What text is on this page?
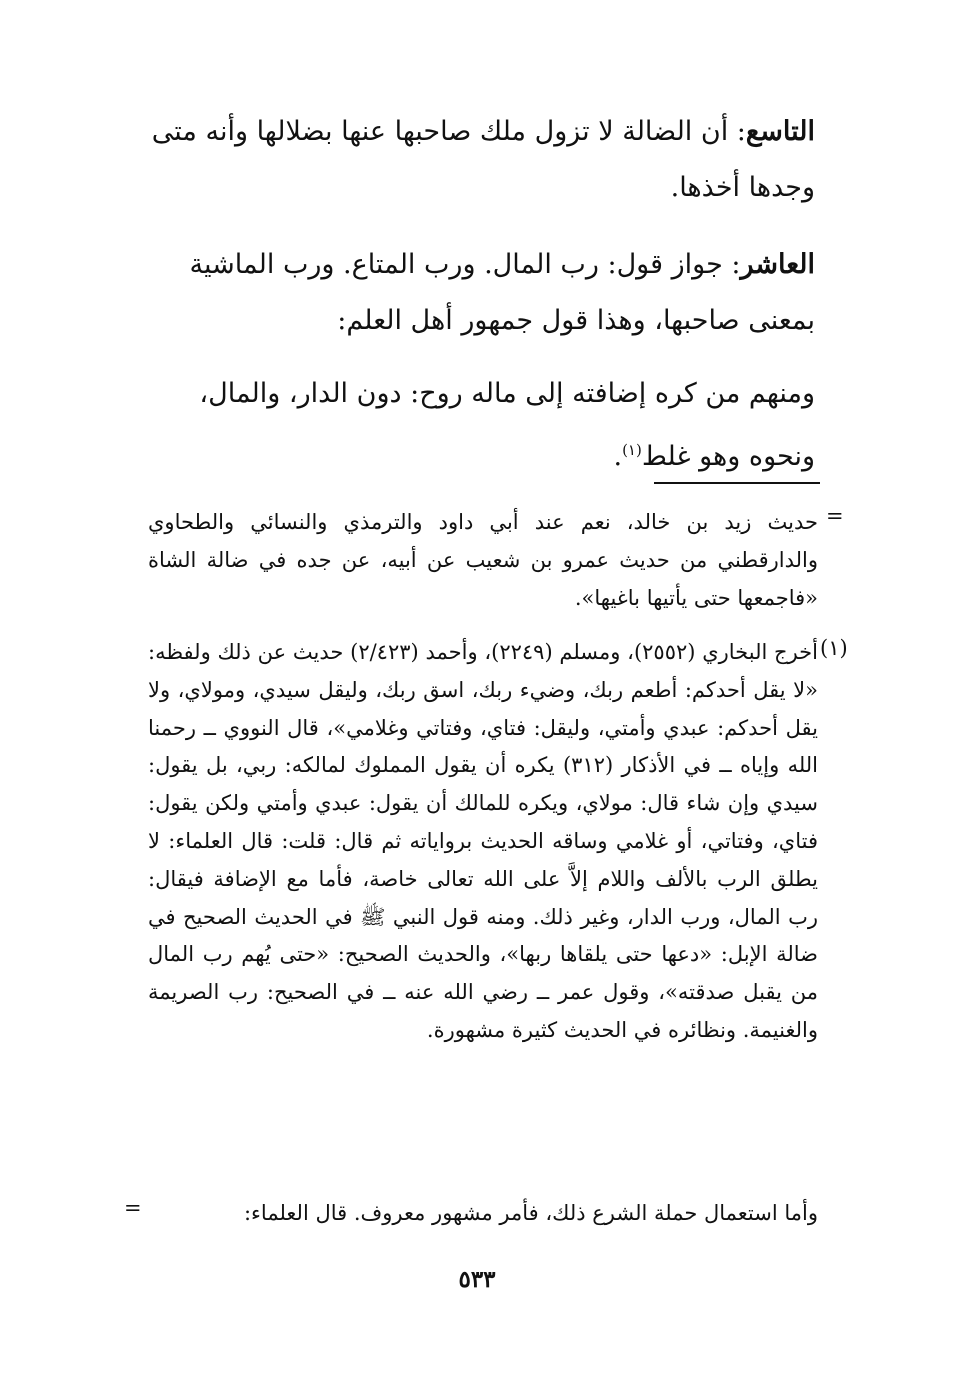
التاسع: أن الضالة لا تزول ملك صاحبها عنها بضلالها وأنه متى وجدها أخذها.

العاشر: جواز قول: رب المال. ورب المتاع. ورب الماشية بمعنى صاحبها، وهذا قول جمهور أهل العلم:

ومنهم من كره إضافته إلى ماله روح: دون الدار، والمال، ونحوه وهو غلط$^{(١)}$.

=
حديث زيد بن خالد، نعم عند أبي داود والترمذي والنسائي والطحاوي والدارقطني من حديث عمرو بن شعيب عن أبيه، عن جده في ضالة الشاة «فاجمعها حتى يأتيها باغيها».
(١)
أخرج البخاري (٢٥٥٢)، ومسلم (٢٢٤٩)، وأحمد (٢/٤٢٣) حديث عن ذلك ولفظه: «لا يقل أحدكم: أطعم ربك، وضيء ربك، اسق ربك، وليقل سيدي، ومولاي، ولا يقل أحدكم: عبدي وأمتي، وليقل: فتاي، وفتاتي وغلامي»، قال النووي ــ رحمنا الله وإياه ــ في الأذكار (٣١٢) يكره أن يقول المملوك لمالكه: ربي، بل يقول: سيدي وإن شاء قال: مولاي، ويكره للمالك أن يقول: عبدي وأمتي ولكن يقول: فتاي، وفتاتي، أو غلامي وساقه الحديث برواياته ثم قال: قلت: قال العلماء: لا يطلق الرب بالألف واللام إلاَّ على الله تعالى خاصة، فأما مع الإضافة فيقال: رب المال، ورب الدار، وغير ذلك. ومنه قول النبي ﷺ في الحديث الصحيح في ضالة الإبل: «دعها حتى يلقاها ربها»، والحديث الصحيح: «حتى يُهم رب المال من يقبل صدقته»، وقول عمر ــ رضي الله عنه ــ في الصحيح: رب الصريمة والغنيمة. ونظائره في الحديث كثيرة مشهورة.
وأما استعمال حملة الشرع ذلك، فأمر مشهور معروف. قال العلماء:
=
٥٣٣
